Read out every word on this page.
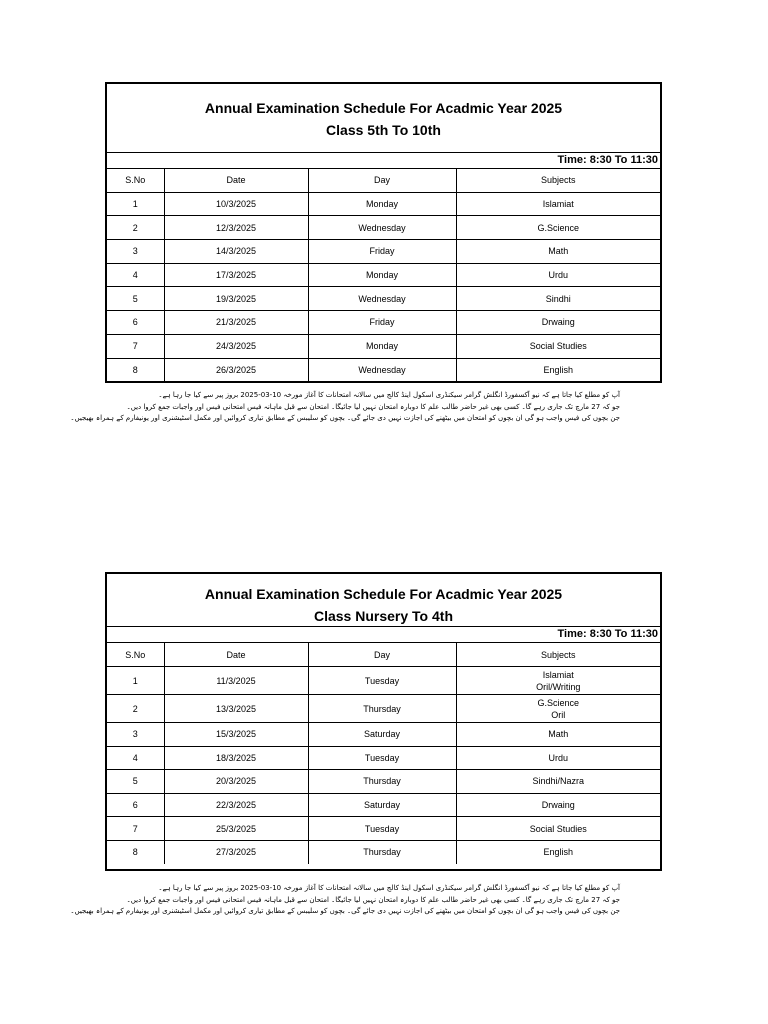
Annual Examination Schedule For Acadmic Year 2025
Class 5th To 10th
Time: 8:30 To 11:30
S.No	Date	Day	Subjects
1	10/3/2025	Monday	Islamiat
2	12/3/2025	Wednesday	G.Science
3	14/3/2025	Friday	Math
4	17/3/2025	Monday	Urdu
5	19/3/2025	Wednesday	Sindhi
6	21/3/2025	Friday	Drwaing
7	24/3/2025	Monday	Social Studies
8	26/3/2025	Wednesday	English
آپ کو مطلع کیا جاتا ہے کہ نیو آکسفورڈ انگلش گرامر سیکنڈری اسکول اینڈ کالج میں سالانہ امتحانات کا آغاز مورخہ 10-03-2025 بروز پیر سے کیا جا رہا ہے۔
جو کہ 27 مارچ تک جاری رہے گا۔ کسی بھی غیر حاضر طالب علم کا دوبارہ امتحان نہیں لیا جائیگا۔ امتحان سے قبل ماہانہ فیس امتحانی فیس اور واجبات جمع کروا دیں۔
جن بچوں کی فیس واجب ہو گی ان بچوں کو امتحان میں بیٹھنے کی اجازت نہیں دی جائے گی۔ بچوں کو سلیبس کے مطابق تیاری کروائیں اور مکمل اسٹیشنری اور یونیفارم کے ہمراہ بھیجیں۔
Annual Examination Schedule For Acadmic Year 2025
Class Nursery To 4th
Time: 8:30 To 11:30
S.No	Date	Day	Subjects
1	11/3/2025	Tuesday	Islamiat
Oril/Writing

2	13/3/2025	Thursday	G.Science
Oril

3	15/3/2025	Saturday	Math
4	18/3/2025	Tuesday	Urdu
5	20/3/2025	Thursday	Sindhi/Nazra
6	22/3/2025	Saturday	Drwaing
7	25/3/2025	Tuesday	Social Studies
8	27/3/2025	Thursday	English
آپ کو مطلع کیا جاتا ہے کہ نیو آکسفورڈ انگلش گرامر سیکنڈری اسکول اینڈ کالج میں سالانہ امتحانات کا آغاز مورخہ 10-03-2025 بروز پیر سے کیا جا رہا ہے۔
جو کہ 27 مارچ تک جاری رہے گا۔ کسی بھی غیر حاضر طالب علم کا دوبارہ امتحان نہیں لیا جائیگا۔ امتحان سے قبل ماہانہ فیس امتحانی فیس اور واجبات جمع کروا دیں۔
جن بچوں کی فیس واجب ہو گی ان بچوں کو امتحان میں بیٹھنے کی اجازت نہیں دی جائے گی۔ بچوں کو سلیبس کے مطابق تیاری کروائیں اور مکمل اسٹیشنری اور یونیفارم کے ہمراہ بھیجیں۔
